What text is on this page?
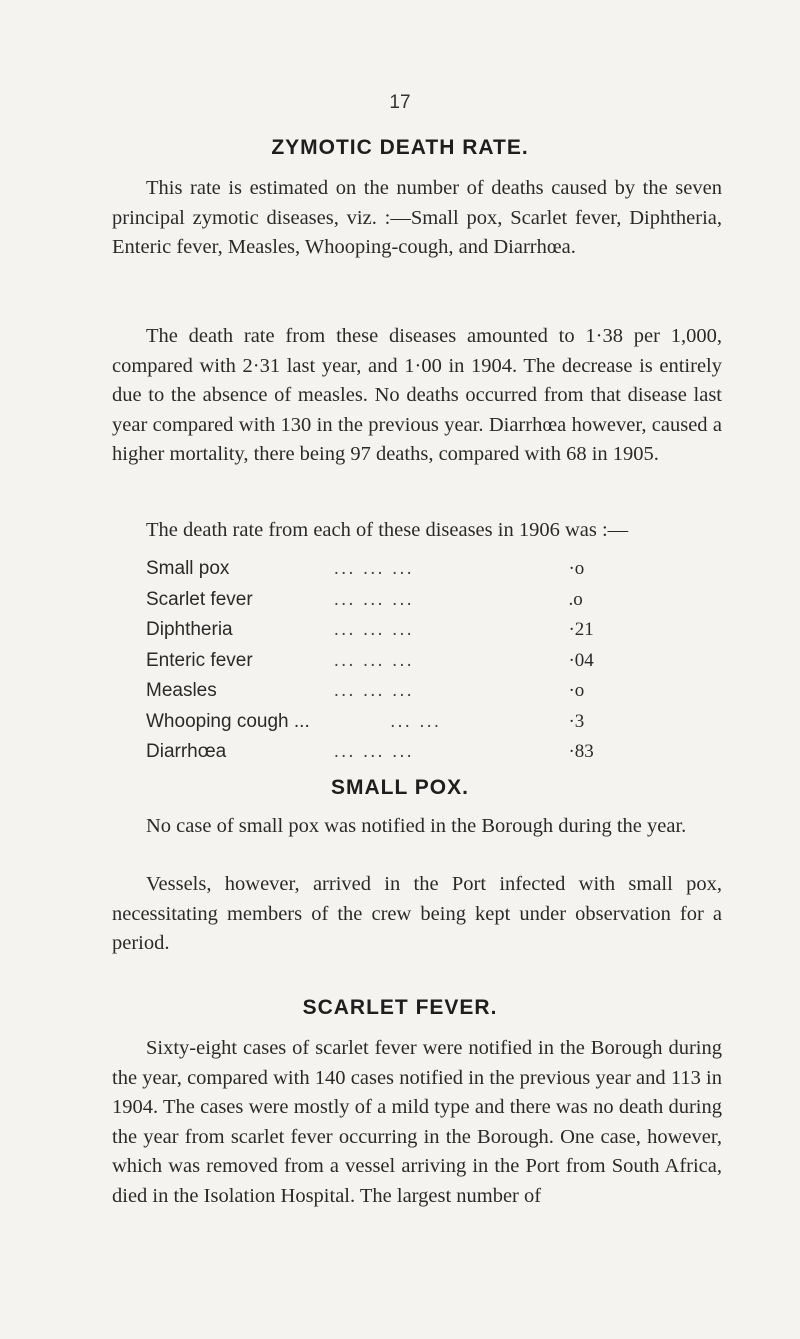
17
ZYMOTIC DEATH RATE.

This rate is estimated on the number of deaths caused by the seven principal zymotic diseases, viz. :—Small pox, Scarlet fever, Diphtheria, Enteric fever, Measles, Whooping-cough, and Diarrhœa.

The death rate from these diseases amounted to 1·38 per 1,000, compared with 2·31 last year, and 1·00 in 1904. The decrease is entirely due to the absence of measles. No deaths occurred from that disease last year compared with 130 in the previous year. Diarrhœa however, caused a higher mortality, there being 97 deaths, compared with 68 in 1905.

The death rate from each of these diseases in 1906 was :—

Small pox	... ... ...	·o
Scarlet fever	... ... ...	.o
Diphtheria	... ... ...	·21
Enteric fever	... ... ...	·04
Measles	... ... ...	·o
Whooping cough ...	... ...	·3
Diarrhœa	... ... ...	·83
SMALL POX.

No case of small pox was notified in the Borough during the year.

Vessels, however, arrived in the Port infected with small pox, necessitating members of the crew being kept under observation for a period.

SCARLET FEVER.

Sixty-eight cases of scarlet fever were notified in the Borough during the year, compared with 140 cases notified in the previous year and 113 in 1904. The cases were mostly of a mild type and there was no death during the year from scarlet fever occurring in the Borough. One case, however, which was removed from a vessel arriving in the Port from South Africa, died in the Isolation Hospital. The largest number of
